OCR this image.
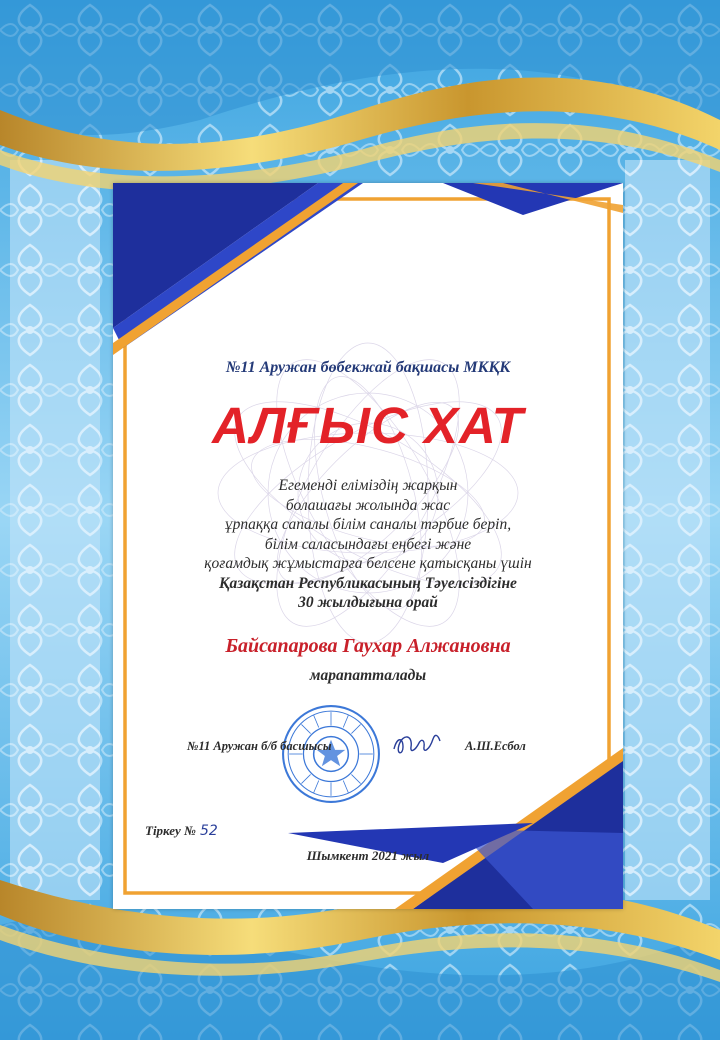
№11 Аружан бөбекжай бақшасы МКҚК

АЛҒЫС ХАТ

Егеменді еліміздің жарқын
болашағы жолында жас
ұрпаққа сапалы білім саналы тәрбие беріп,
білім саласындағы еңбегі және
қоғамдық жұмыстарға белсене қатысқаны үшін
Қазақстан Республикасының Тәуелсіздігіне
30 жылдығына орай

Байсапарова Гаухар Алжановна

марапатталады

№11 Аружан б/б басшысы	А.Ш.Есбол
Тіркеу № 52
Шымкент 2021 жыл
